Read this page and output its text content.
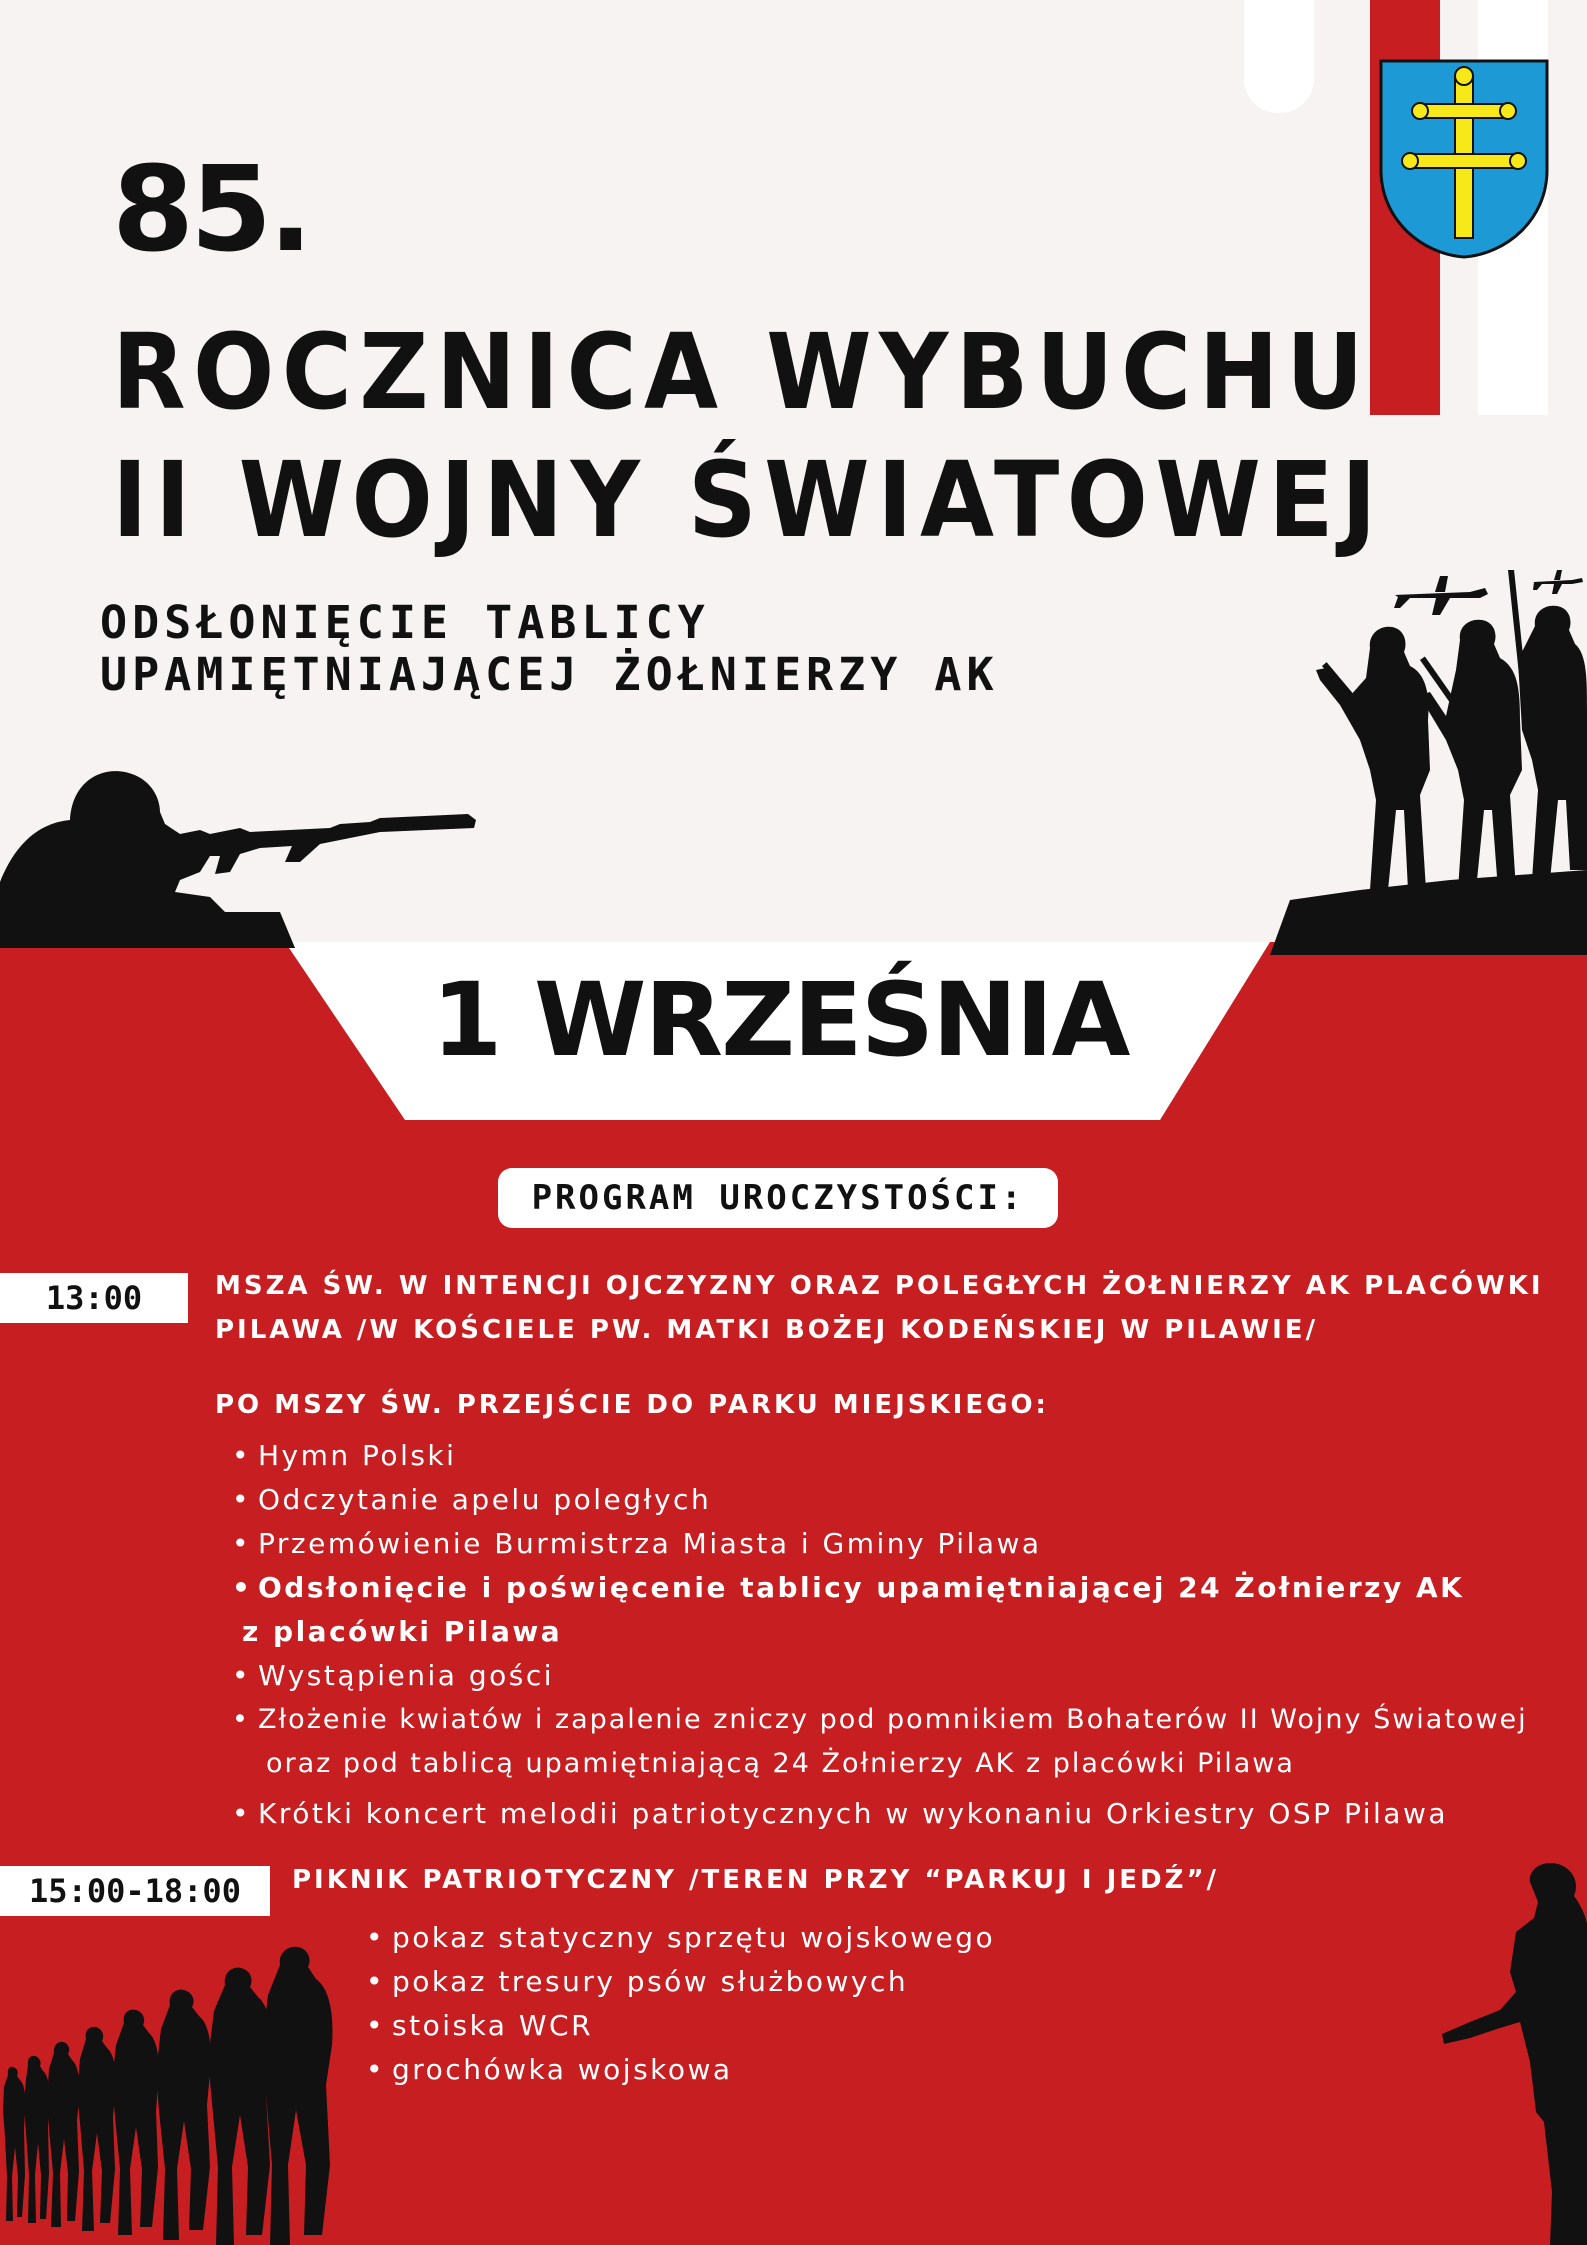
85.
ROCZNICA WYBUCHU
II WOJNY ŚWIATOWEJ
ODSŁONIĘCIE TABLICY
UPAMIĘTNIAJĄCEJ ŻOŁNIERZY AK
1 WRZEŚNIA
PROGRAM UROCZYSTOŚCI:
13:00	MSZA ŚW. W INTENCJI OJCZYZNY ORAZ POLEGŁYCH ŻOŁNIERZY AK PLACÓWKI
PILAWA /W KOŚCIELE PW. MATKI BOŻEJ KODEŃSKIEJ W PILAWIE/
PO MSZY ŚW. PRZEJŚCIE DO PARKU MIEJSKIEGO:
• Hymn Polski
• Odczytanie apelu poległych
• Przemówienie Burmistrza Miasta i Gminy Pilawa
• Odsłonięcie i poświęcenie tablicy upamiętniającej 24 Żołnierzy AK
z placówki Pilawa
• Wystąpienia gości
• Złożenie kwiatów i zapalenie zniczy pod pomnikiem Bohaterów II Wojny Światowej
oraz pod tablicą upamiętniającą 24 Żołnierzy AK z placówki Pilawa
• Krótki koncert melodii patriotycznych w wykonaniu Orkiestry OSP Pilawa
15:00-18:00	PIKNIK PATRIOTYCZNY /TEREN PRZY “PARKUJ I JEDŹ”/
• pokaz statyczny sprzętu wojskowego
• pokaz tresury psów służbowych
• stoiska WCR
• grochówka wojskowa
